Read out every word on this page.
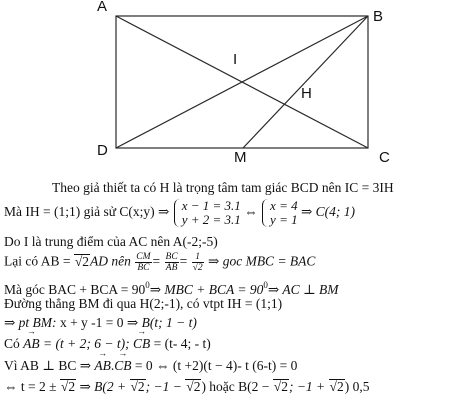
A
B
C
D
I
H
M
Theo giả thiết ta có H là trọng tâm tam giác BCD nên IC = 3IH
Mà IH = (1;1) giả sử C(x;y) ⇒ x − 1 = 3.1
y + 2 = 3.1
⇔ x = 4
y = 1
⇒ C(4; 1)
Do I là trung điểm của AC nên A(-2;-5)
Lại có AB = √2AD nên $\frac{CM}{BC} = \frac{BC}{AB} = \frac{1}{√2}$ ⇒ goc MBC = BAC
Mà góc BAC + BCA = $90^0\Rightarrow$ MBC + BCA = $90^0\Rightarrow$ AC ⊥ BM
Đường thẳng BM đi qua H(2;-1), có vtpt IH = (1;1)
⇒ pt BM: x + y -1 = 0 ⇒ B(t; 1 − t)
Có AB → = (t + 2; 6 − t); CB → = (t- 4; - t)
Vì AB ⊥ BC ⇒ AB →.CB → = 0 ⇔ (t +2)(t − 4)- t (6-t) = 0
⇔ t = 2 ± √2 ⇒ B(2 + √2; −1 − √2) hoặc B(2 − √2; −1 + √2) 0,5
